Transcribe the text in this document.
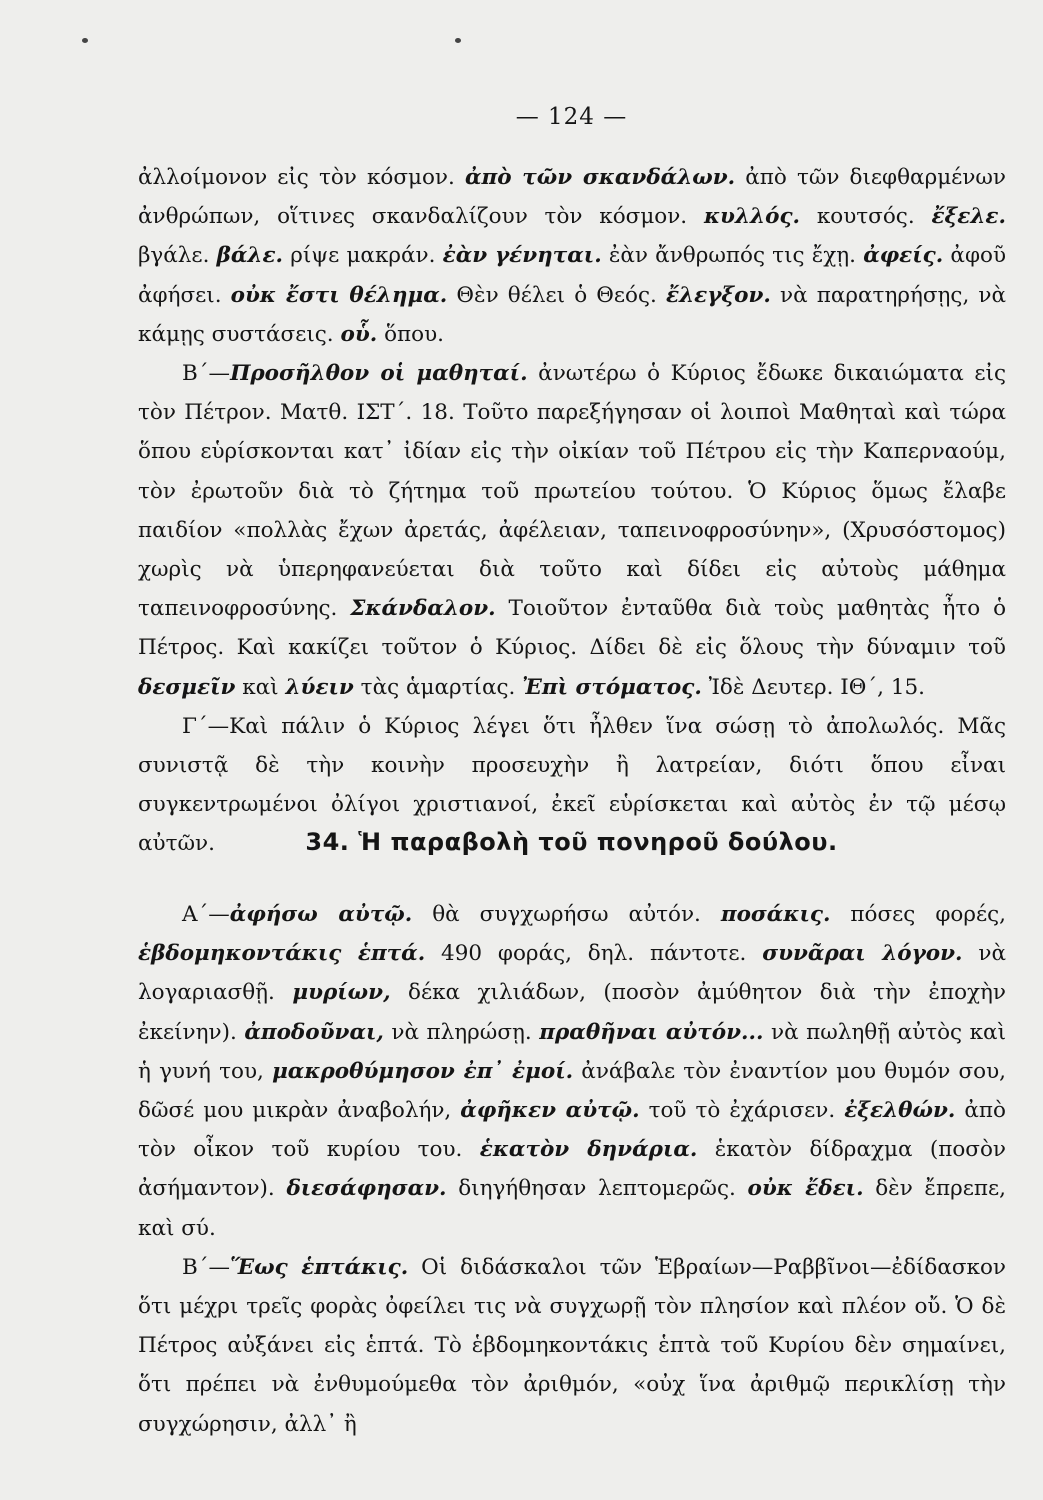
— 124 —

ἀλλοίμονον εἰς τὸν κόσμον. ἀπὸ τῶν σκανδάλων. ἀπὸ τῶν διεφθαρμένων ἀνθρώπων, οἵτινες σκανδαλίζουν τὸν κόσμον. κυλλός. κουτσός. ἔξελε. βγάλε. βάλε. ρίψε μακράν. ἐὰν γένηται. ἐὰν ἄνθρωπός τις ἔχῃ. ἀφείς. ἀφοῦ ἀφήσει. οὐκ ἔστι θέλημα. Θὲν θέλει ὁ Θεός. ἔλεγξον. νὰ παρατηρήσῃς, νὰ κάμῃς συστάσεις. οὗ. ὅπου.

Β΄—Προσῆλθον οἱ μαθηταί. ἀνωτέρω ὁ Κύριος ἔδωκε δικαιώματα εἰς τὸν Πέτρον. Ματθ. ΙΣΤ΄. 18. Τοῦτο παρεξήγησαν οἱ λοιποὶ Μαθηταὶ καὶ τώρα ὅπου εὑρίσκονται κατ᾽ ἰδίαν εἰς τὴν οἰκίαν τοῦ Πέτρου εἰς τὴν Καπερναούμ, τὸν ἐρωτοῦν διὰ τὸ ζήτημα τοῦ πρωτείου τούτου. Ὁ Κύριος ὅμως ἔλαβε παιδίον «πολλὰς ἔχων ἀρετάς, ἀφέλειαν, ταπεινοφροσύνην», (Χρυσόστομος) χωρὶς νὰ ὑπερηφανεύεται διὰ τοῦτο καὶ δίδει εἰς αὐτοὺς μάθημα ταπεινοφροσύνης. Σκάνδαλον. Τοιοῦτον ἐνταῦθα διὰ τοὺς μαθητὰς ἦτο ὁ Πέτρος. Καὶ κακίζει τοῦτον ὁ Κύριος. Δίδει δὲ εἰς ὅλους τὴν δύναμιν τοῦ δεσμεῖν καὶ λύειν τὰς ἁμαρτίας. Ἐπὶ στόματος. Ἰδὲ Δευτερ. ΙΘ΄, 15.

Γ΄—Καὶ πάλιν ὁ Κύριος λέγει ὅτι ἦλθεν ἵνα σώσῃ τὸ ἀπολωλός. Μᾶς συνιστᾷ δὲ τὴν κοινὴν προσευχὴν ἢ λατρείαν, διότι ὅπου εἶναι συγκεντρωμένοι ὀλίγοι χριστιανοί, ἐκεῖ εὑρίσκεται καὶ αὐτὸς ἐν τῷ μέσῳ αὐτῶν.	34. Ἡ παραβολὴ τοῦ πονηροῦ δούλου.

Α΄—ἀφήσω αὐτῷ. θὰ συγχωρήσω αὐτόν. ποσάκις. πόσες φορές, ἑβδομηκοντάκις ἑπτά. 490 φοράς, δηλ. πάντοτε. συνᾶραι λόγον. νὰ λογαριασθῇ. μυρίων, δέκα χιλιάδων, (ποσὸν ἀμύθητον διὰ τὴν ἐποχὴν ἐκείνην). ἀποδοῦναι, νὰ πληρώσῃ. πραθῆναι αὐτόν... νὰ πωληθῇ αὐτὸς καὶ ἡ γυνή του, μακροθύμησον ἐπ᾽ ἐμοί. ἀνάβαλε τὸν ἐναντίον μου θυμόν σου, δῶσέ μου μικρὰν ἀναβολήν, ἀφῆκεν αὐτῷ. τοῦ τὸ ἐχάρισεν. ἐξελθών. ἀπὸ τὸν οἶκον τοῦ κυρίου του. ἑκατὸν δηνάρια. ἑκατὸν δίδραχμα (ποσὸν ἀσήμαντον). διεσάφησαν. διηγήθησαν λεπτομερῶς. οὐκ ἔδει. δὲν ἔπρεπε, καὶ σύ.

Β΄—Ἕως ἑπτάκις. Οἱ διδάσκαλοι τῶν Ἑβραίων—Ραββῖνοι—ἐδίδασκον ὅτι μέχρι τρεῖς φορὰς ὀφείλει τις νὰ συγχωρῇ τὸν πλησίον καὶ πλέον οὔ. Ὁ δὲ Πέτρος αὐξάνει εἰς ἑπτά. Τὸ ἑβδομηκοντάκις ἑπτὰ τοῦ Κυρίου δὲν σημαίνει, ὅτι πρέπει νὰ ἐνθυμούμεθα τὸν ἀριθμόν, «οὐχ ἵνα ἀριθμῷ περικλίσῃ τὴν συγχώρησιν, ἀλλ᾽ ἢ
